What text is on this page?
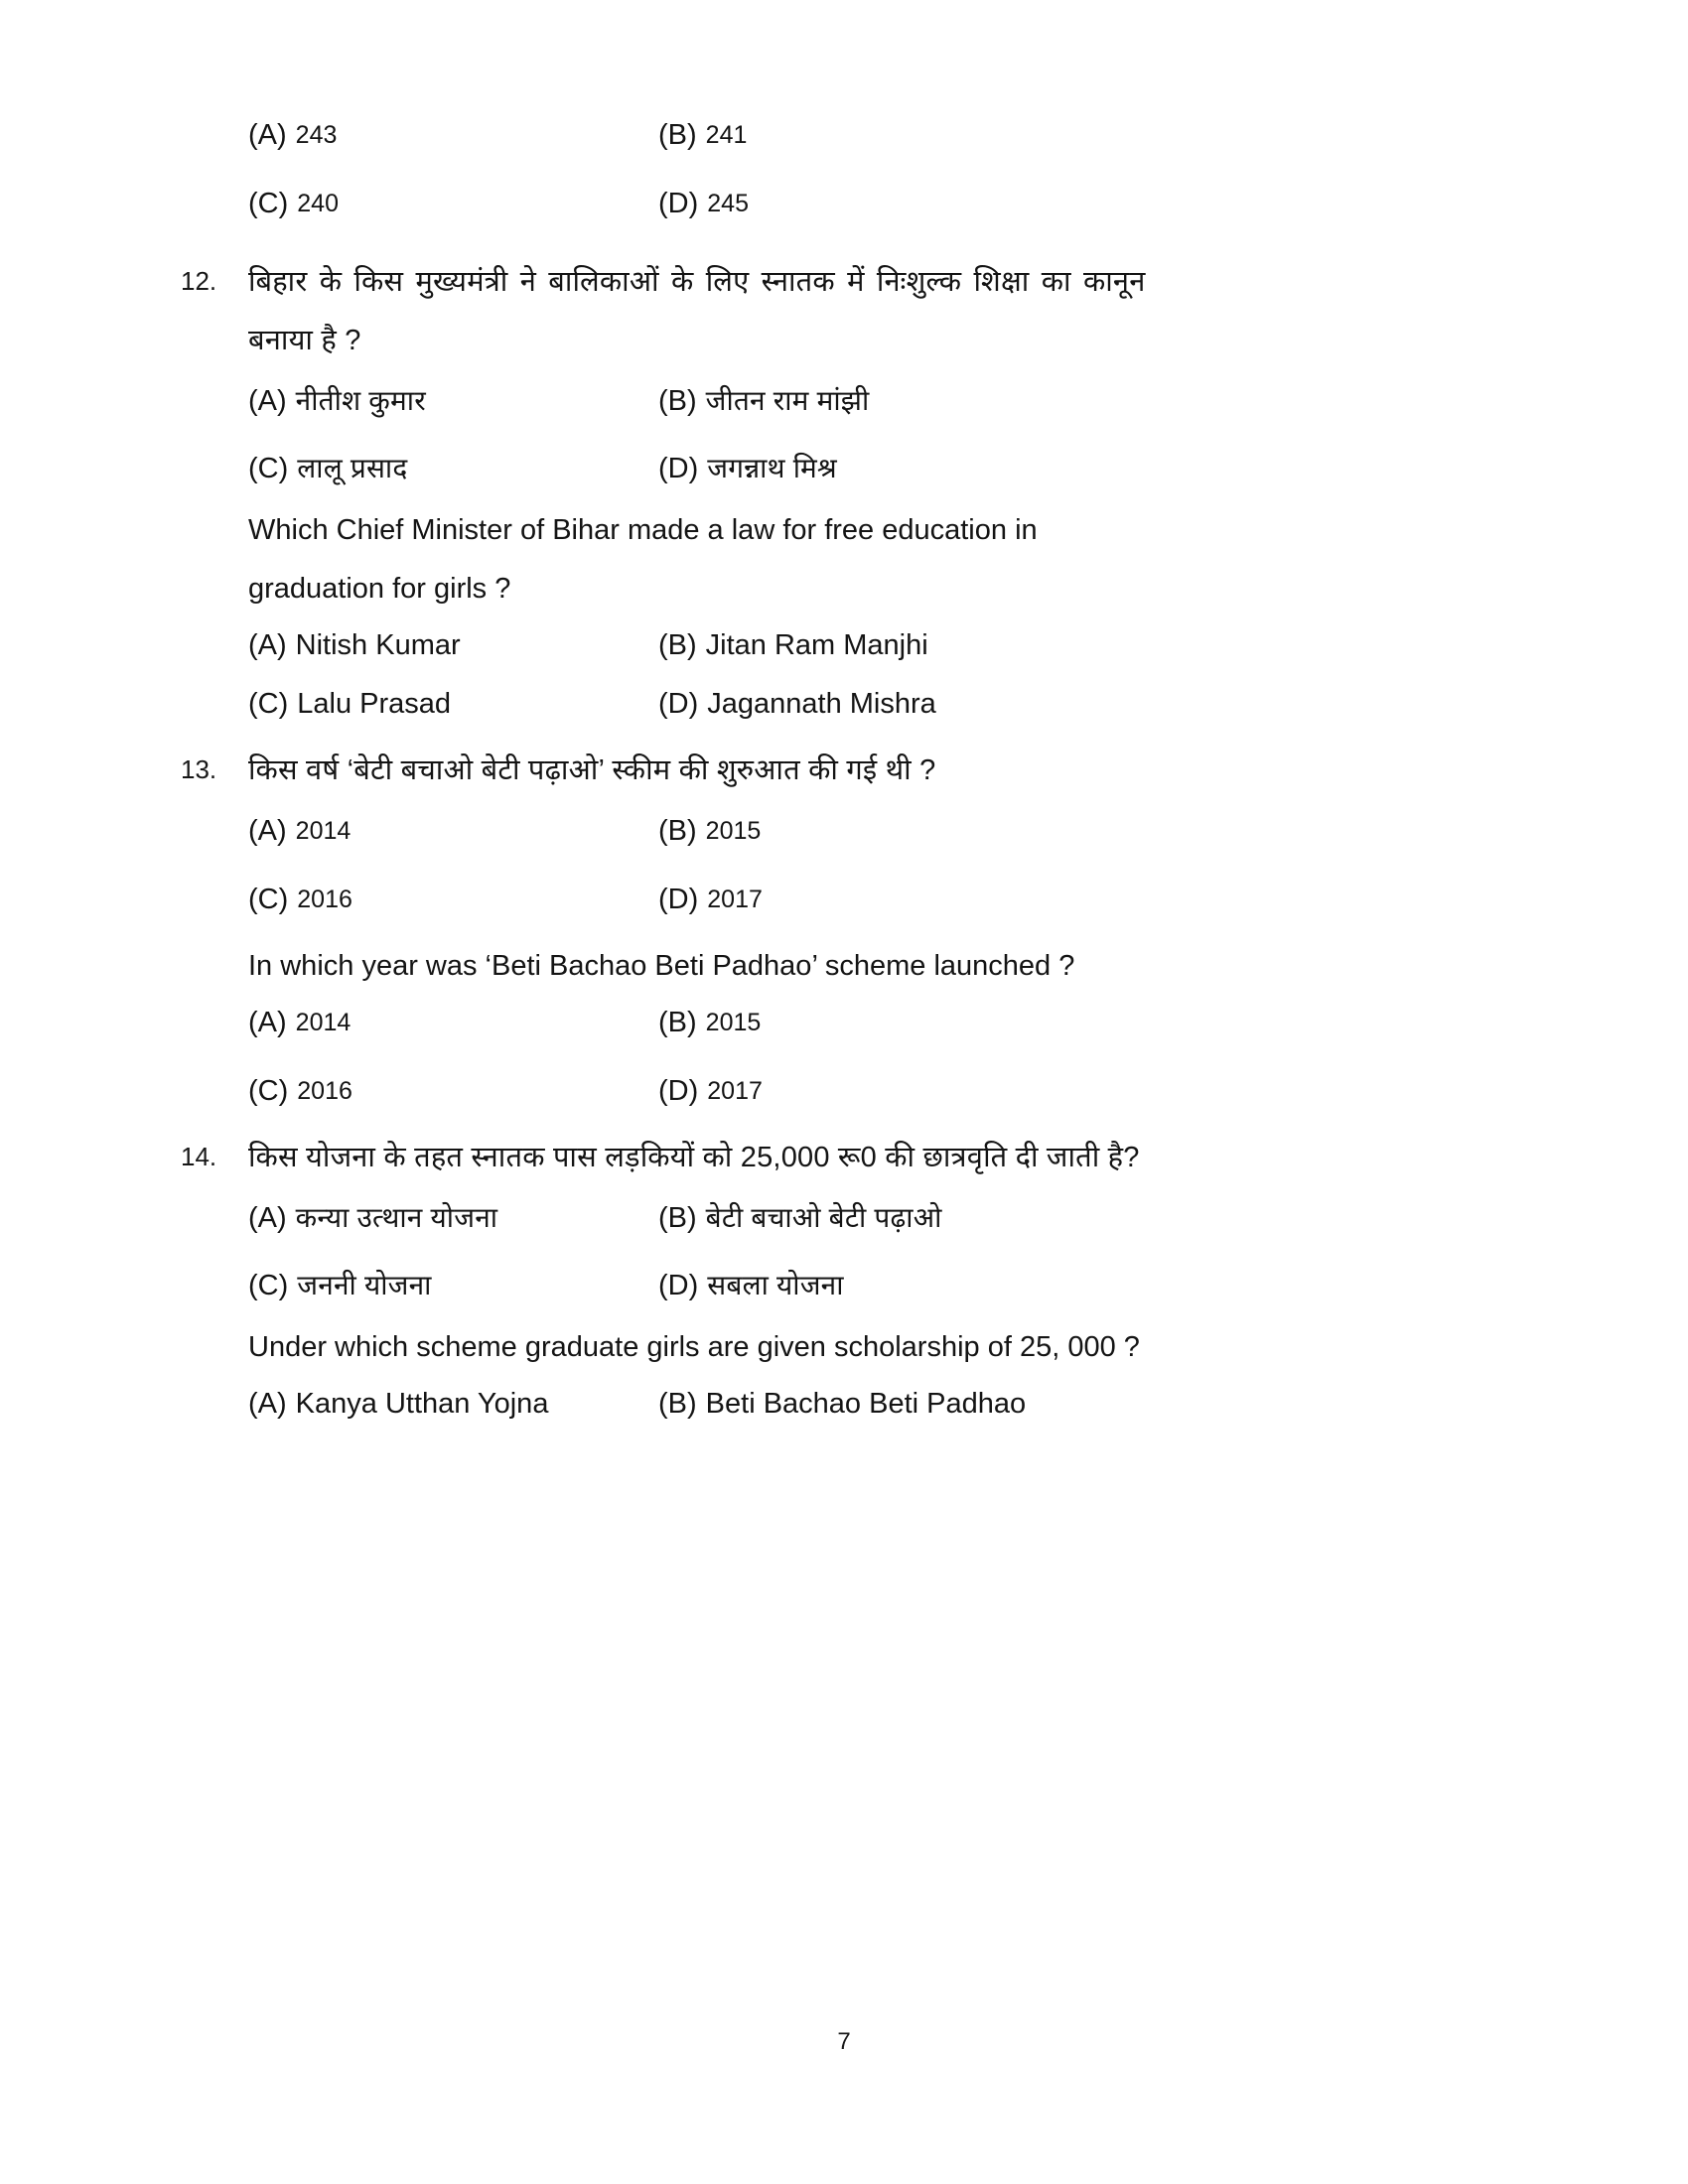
(A) 243	(B) 241
(C) 240	(D) 245
12.	बिहार के किस मुख्यमंत्री ने बालिकाओं के लिए स्नातक में निःशुल्क शिक्षा का कानून
बनाया है ?
(A) नीतीश कुमार	(B) जीतन राम मांझी
(C) लालू प्रसाद	(D) जगन्नाथ मिश्र
Which Chief Minister of Bihar made a law for free education in
graduation for girls ?
(A) Nitish Kumar	(B) Jitan Ram Manjhi
(C) Lalu Prasad	(D) Jagannath Mishra
13.	किस वर्ष ‘बेटी बचाओ बेटी पढ़ाओ’ स्कीम की शुरुआत की गई थी ?
(A) 2014	(B) 2015
(C) 2016	(D) 2017
In which year was ‘Beti Bachao Beti Padhao’ scheme launched ?
(A) 2014	(B) 2015
(C) 2016	(D) 2017
14.	किस योजना के तहत स्नातक पास लड़कियों को 25,000 रू0 की छात्रवृति दी जाती है?
(A) कन्या उत्थान योजना	(B) बेटी बचाओ बेटी पढ़ाओ
(C) जननी योजना	(D) सबला योजना
Under which scheme graduate girls are given scholarship of 25, 000 ?
(A) Kanya Utthan Yojna	(B) Beti Bachao Beti Padhao
7
